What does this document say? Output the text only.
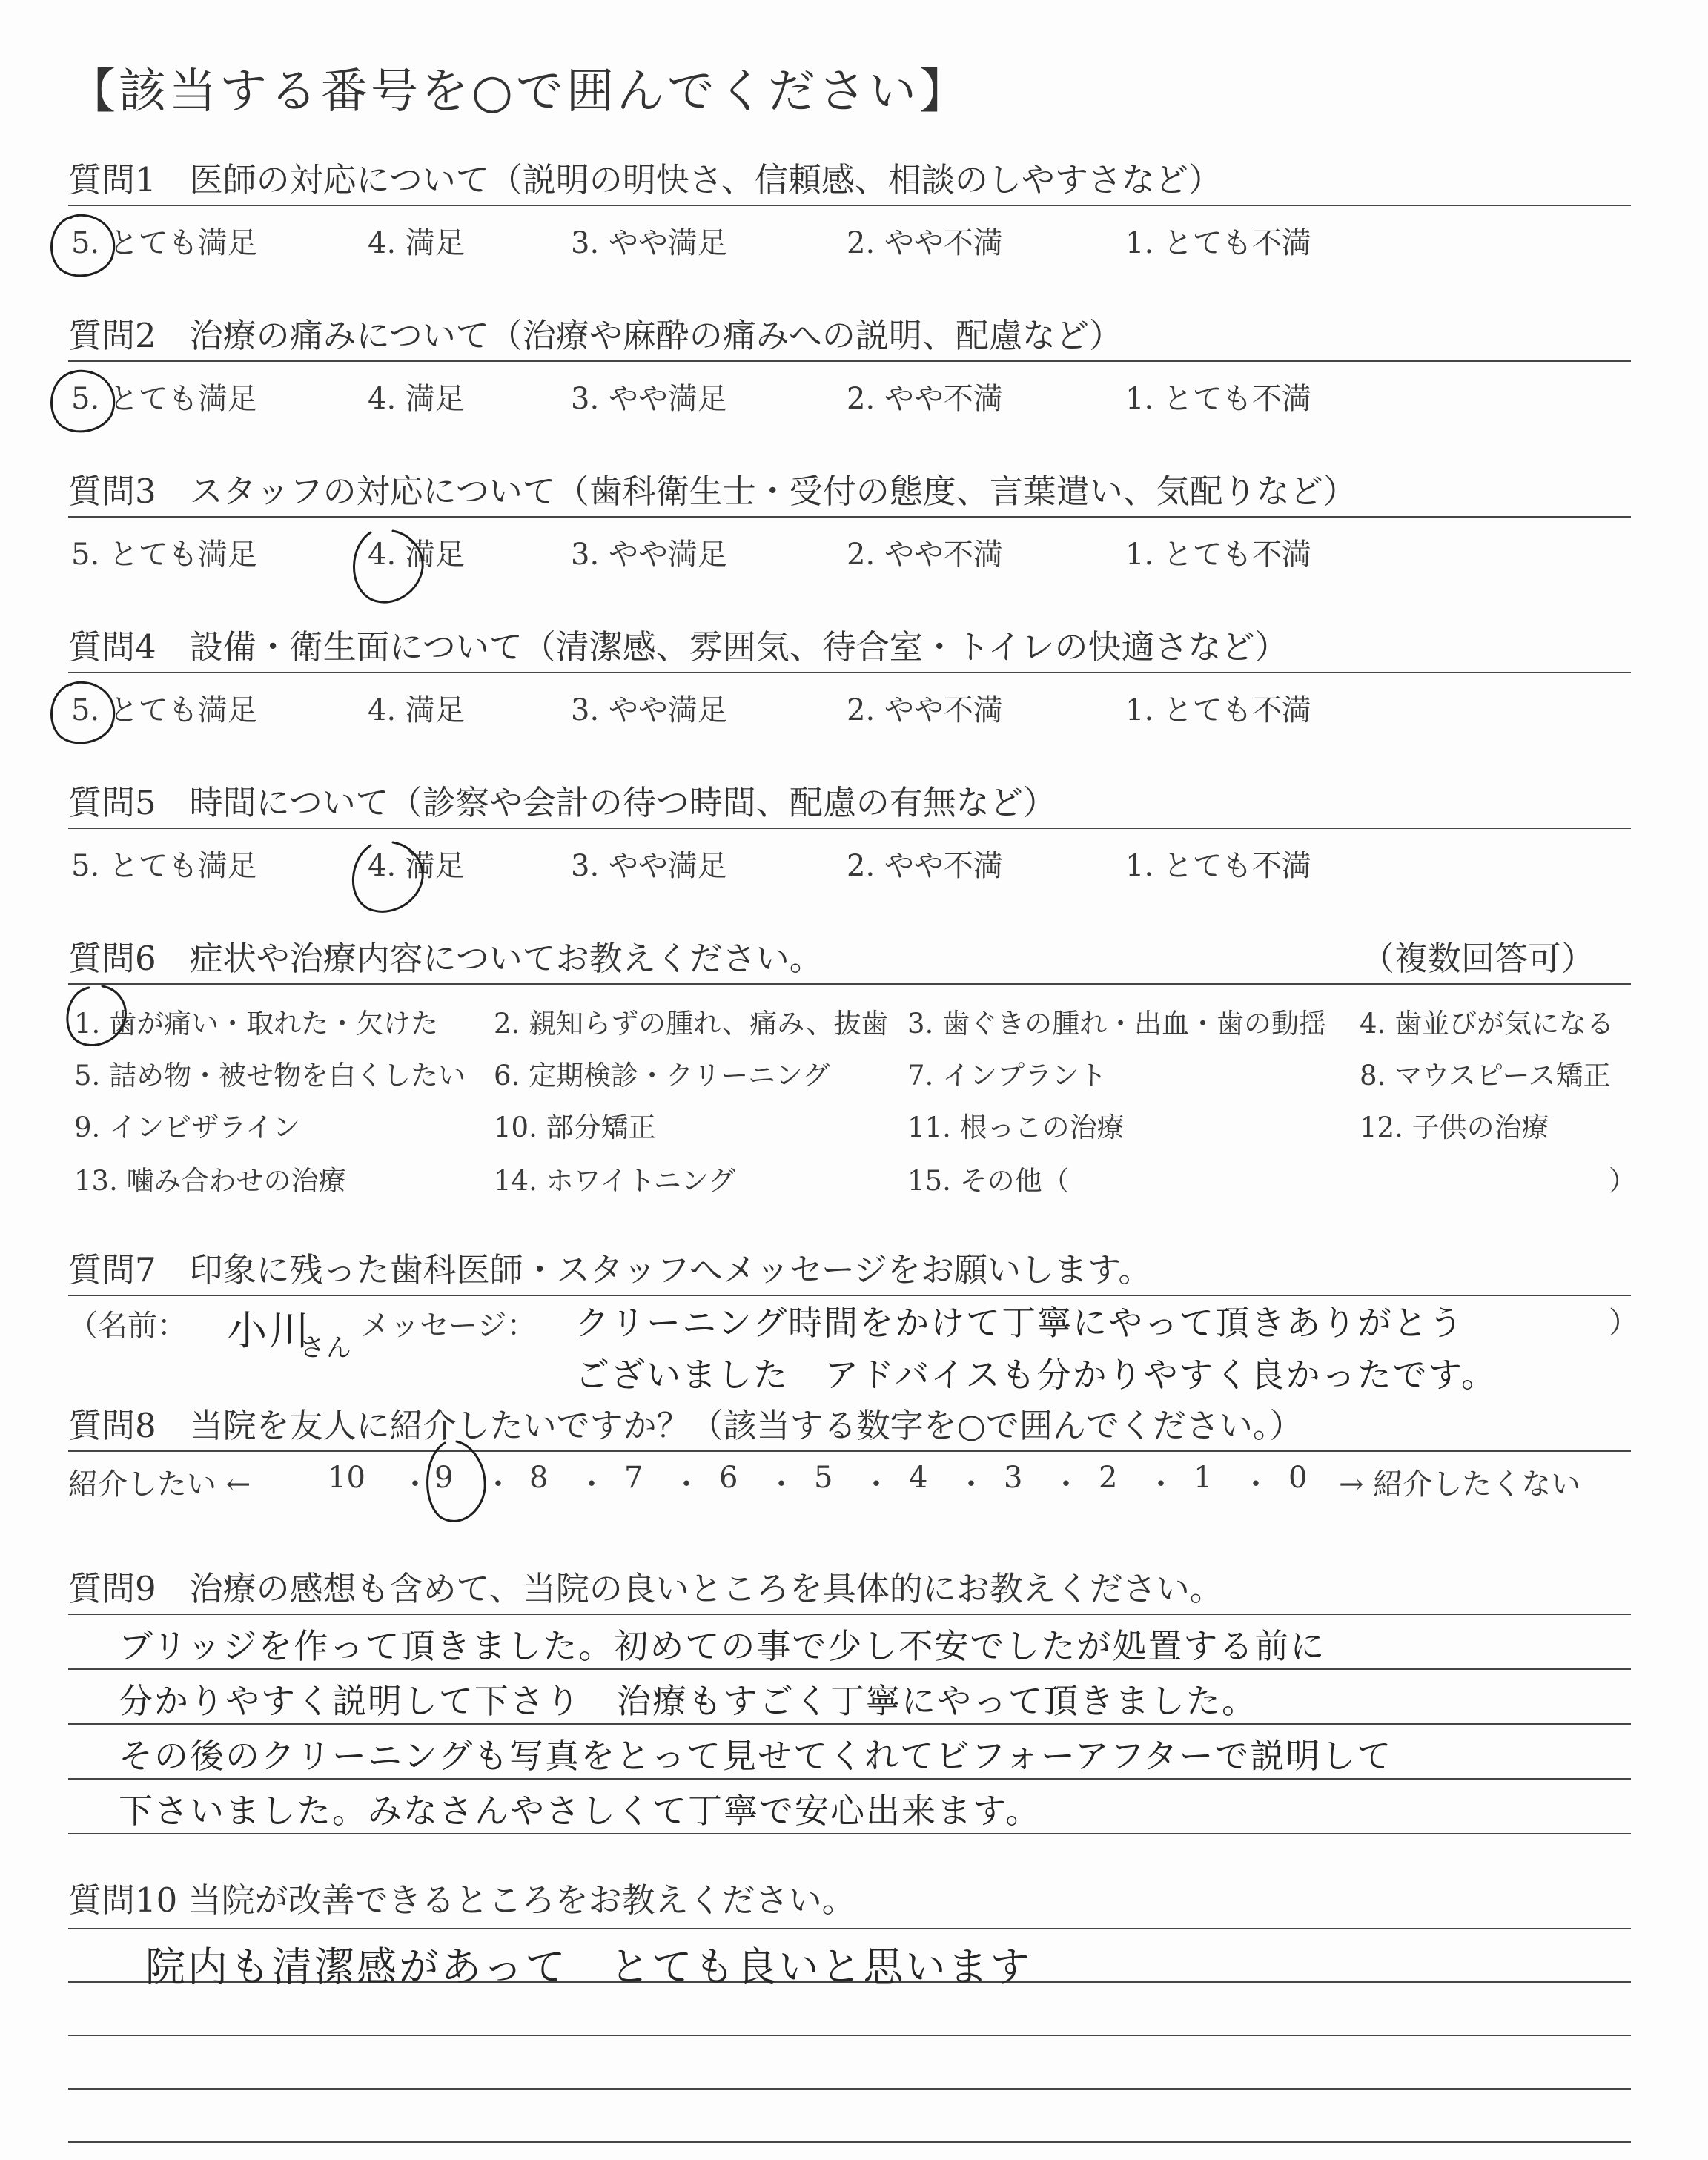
【該当する番号を○で囲んでください】
質問1　医師の対応について（説明の明快さ、信頼感、相談のしやすさなど）
5. とても満足	4. 満足	3. やや満足	2. やや不満	1. とても不満
質問2　治療の痛みについて（治療や麻酔の痛みへの説明、配慮など）
5. とても満足	4. 満足	3. やや満足	2. やや不満	1. とても不満
質問3　スタッフの対応について（歯科衛生士・受付の態度、言葉遣い、気配りなど）
5. とても満足	4. 満足	3. やや満足	2. やや不満	1. とても不満
質問4　設備・衛生面について（清潔感、雰囲気、待合室・トイレの快適さなど）
5. とても満足	4. 満足	3. やや満足	2. やや不満	1. とても不満
質問5　時間について（診察や会計の待つ時間、配慮の有無など）
5. とても満足	4. 満足	3. やや満足	2. やや不満	1. とても不満
質問6　症状や治療内容についてお教えください。	（複数回答可）
1. 歯が痛い・取れた・欠けた 2. 親知らずの腫れ、痛み、抜歯 3. 歯ぐきの腫れ・出血・歯の動揺 4. 歯並びが気になる
5. 詰め物・被せ物を白くしたい 6. 定期検診・クリーニング	7. インプラント	8. マウスピース矯正
9. インビザライン	10. 部分矯正	11. 根っこの治療	12. 子供の治療
13. 噛み合わせの治療	14. ホワイトニング	15. その他（	）
質問7　印象に残った歯科医師・スタッフへメッセージをお願いします。
（名前： 小川
さん
メッセージ： クリーニング時間をかけて丁寧にやって頂きありがとう
ございました　アドバイスも分かりやすく良かったです。
）
質問8　当院を友人に紹介したいですか？（該当する数字を○で囲んでください。）
紹介したい ←	10 ・ 9 ・ 8 ・ 7 ・ 6 ・ 5 ・ 4 ・ 3 ・ 2 ・ 1 ・ 0 → 紹介したくない
質問9　治療の感想も含めて、当院の良いところを具体的にお教えください。
ブリッジを作って頂きました。初めての事で少し不安でしたが処置する前に
分かりやすく説明して下さり　治療もすごく丁寧にやって頂きました。
その後のクリーニングも写真をとって見せてくれてビフォーアフターで説明して
下さいました。みなさんやさしくて丁寧で安心出来ます。
質問10 当院が改善できるところをお教えください。
院内も清潔感があって　とても良いと思います
